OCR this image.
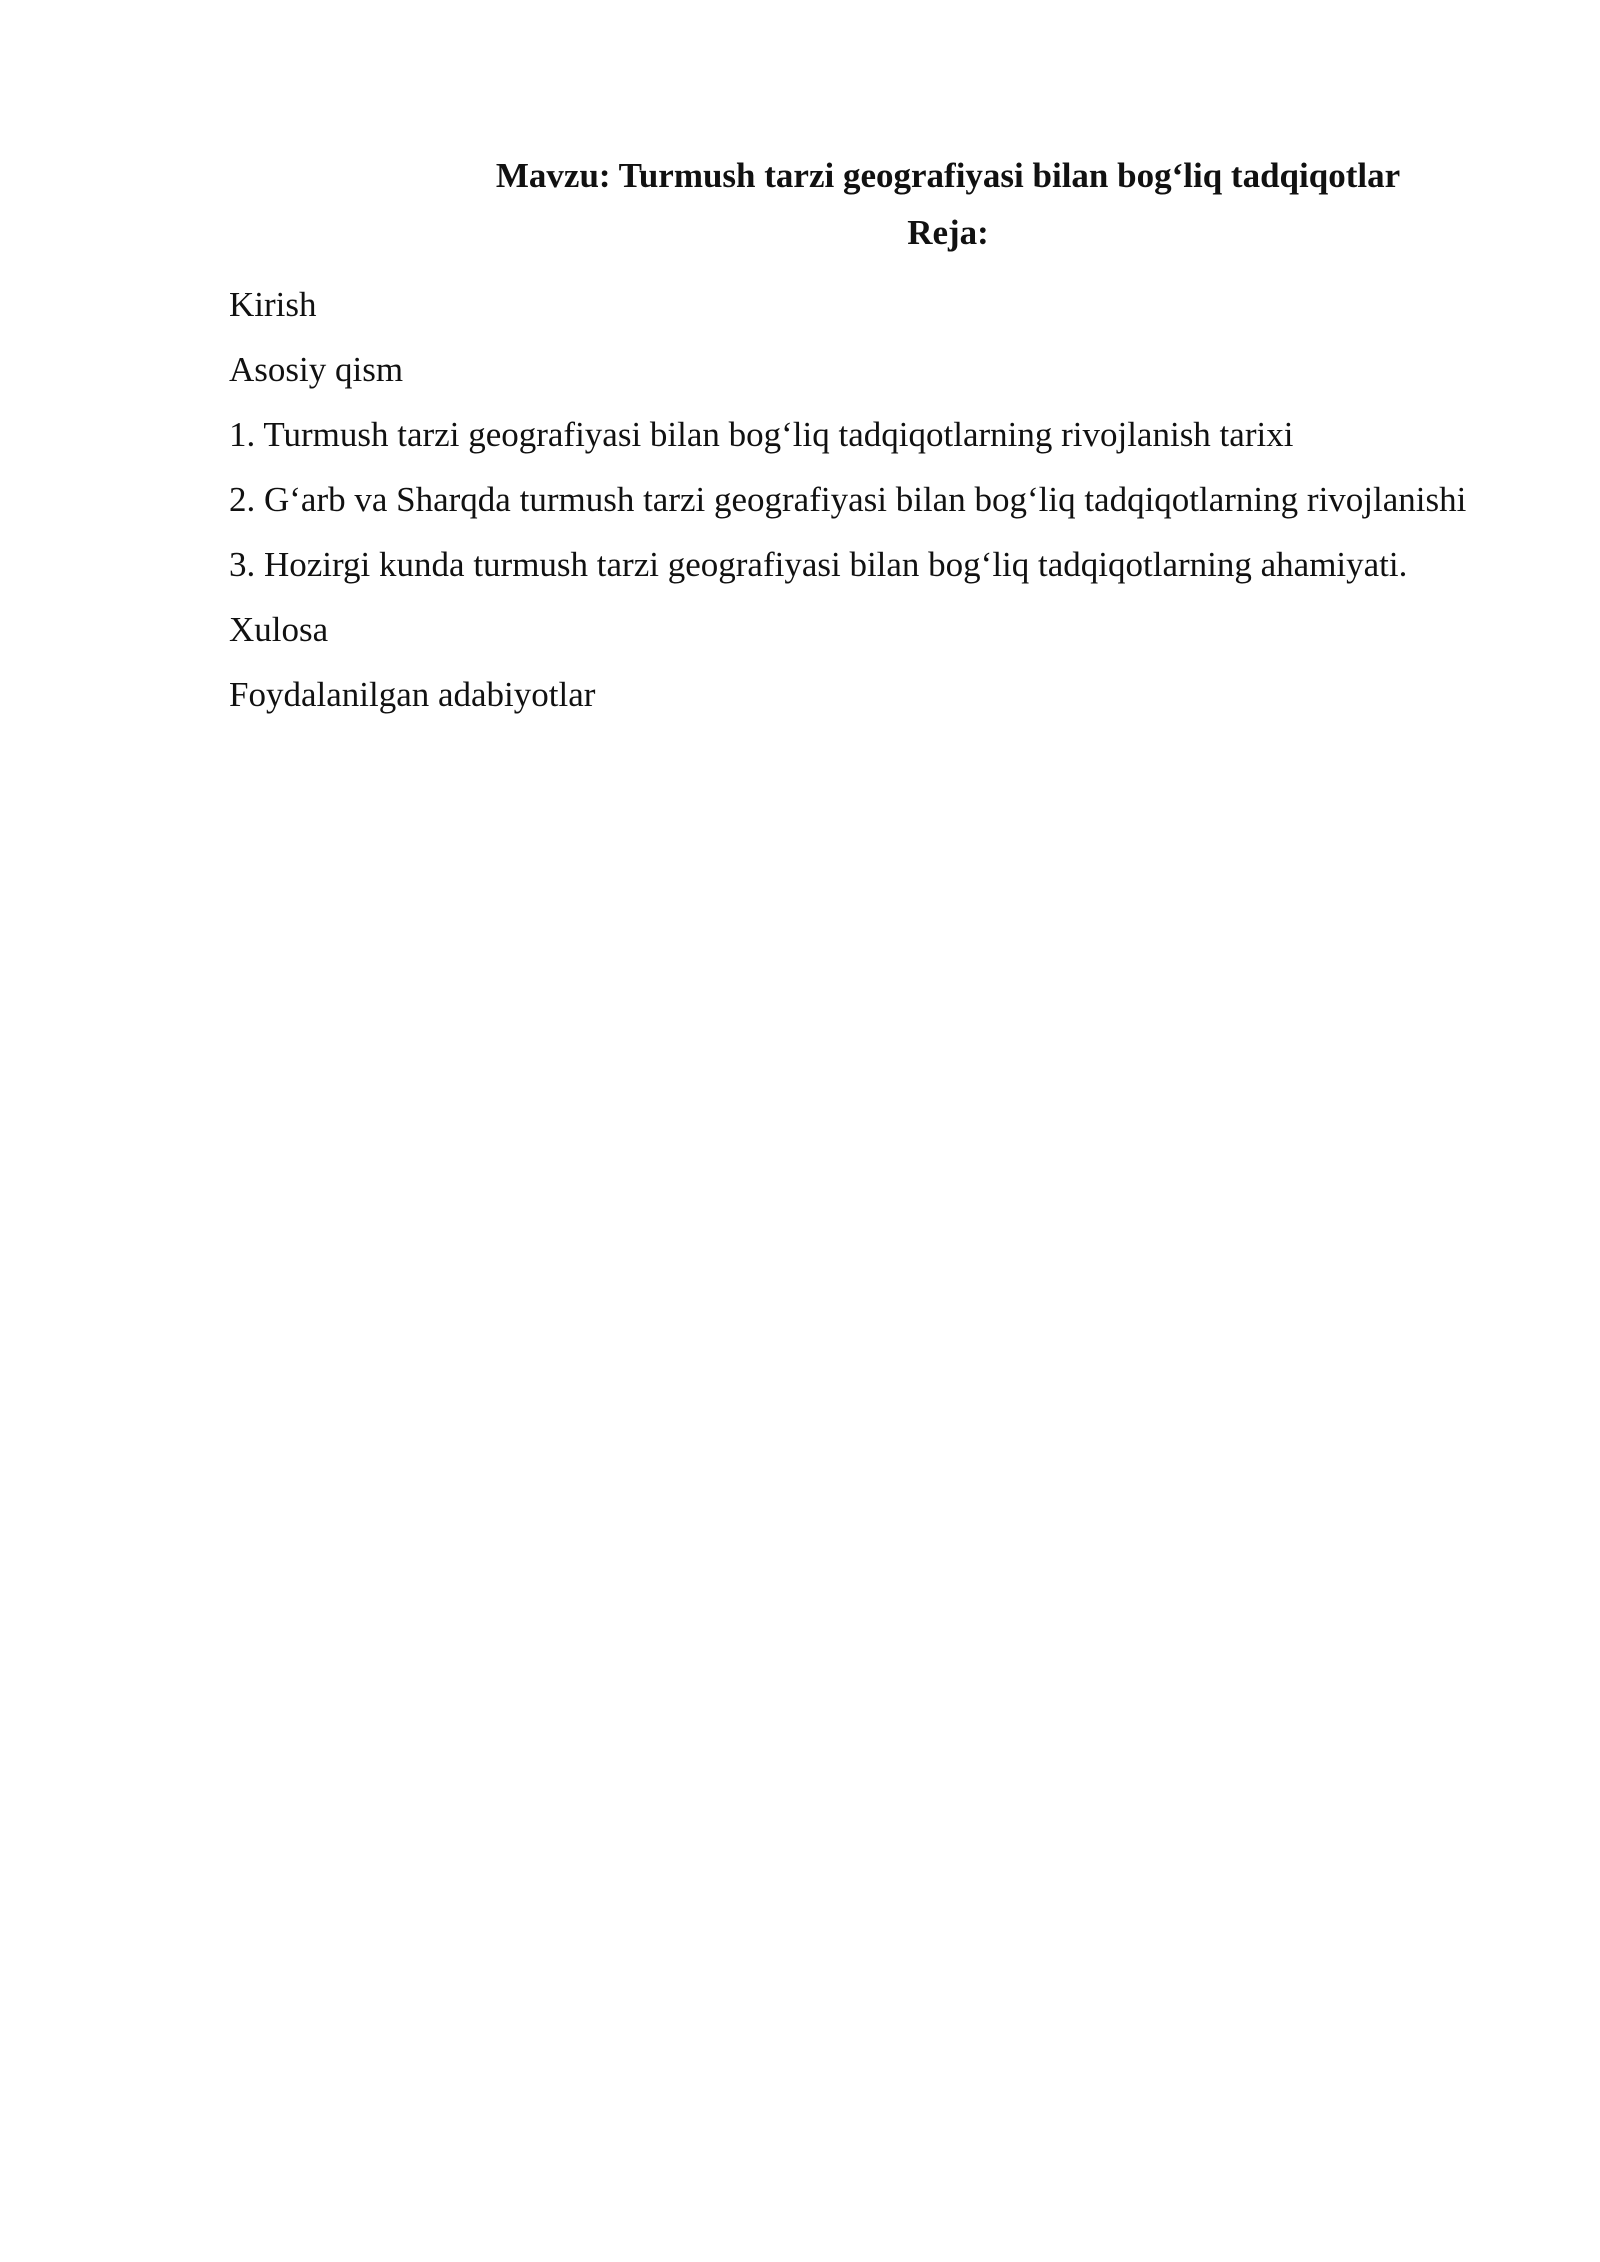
Mavzu: Turmush tarzi geografiyasi bilan bog‘liq tadqiqotlar

Reja:

Kirish

Asosiy qism

1. Turmush tarzi geografiyasi bilan bog‘liq tadqiqotlarning rivojlanish tarixi

2. G‘arb va Sharqda turmush tarzi geografiyasi bilan bog‘liq tadqiqotlarning rivojlanishi

3. Hozirgi kunda turmush tarzi geografiyasi bilan bog‘liq tadqiqotlarning ahamiyati.

Xulosa

Foydalanilgan adabiyotlar
